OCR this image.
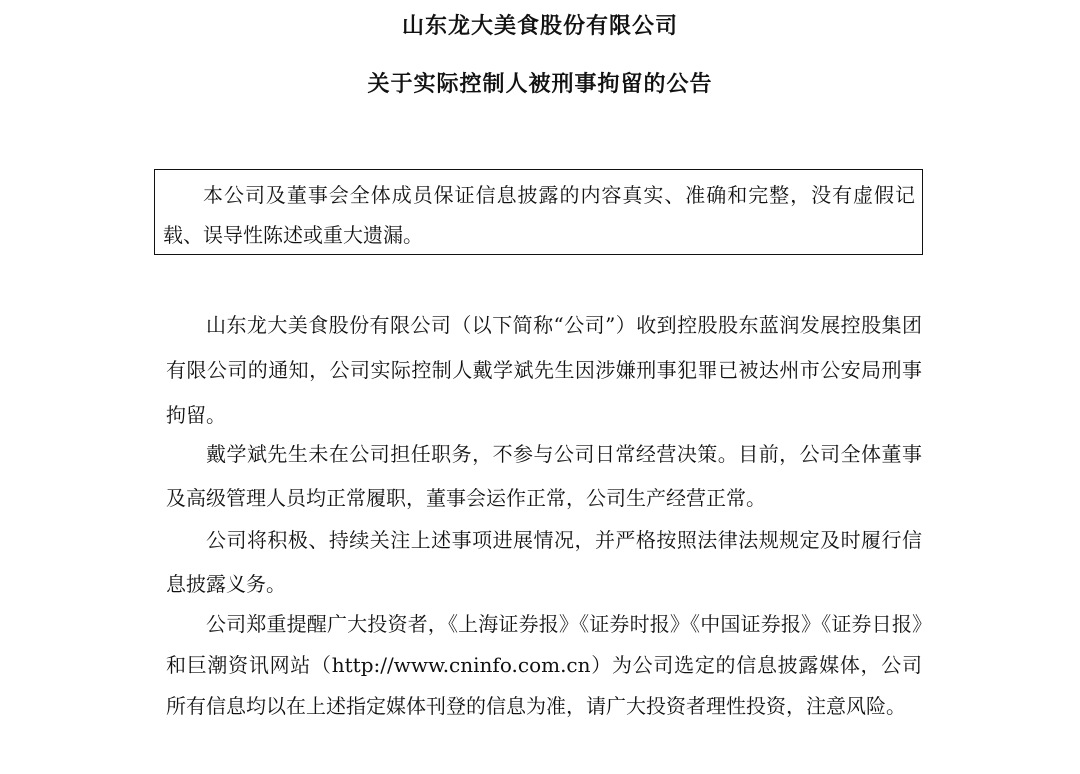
山东龙大美食股份有限公司
关于实际控制人被刑事拘留的公告

本公司及董事会全体成员保证信息披露的内容真实、准确和完整，没有虚假记载、误导性陈述或重大遗漏。

山东龙大美食股份有限公司（以下简称“公司”）收到控股股东蓝润发展控股集团有限公司的通知，公司实际控制人戴学斌先生因涉嫌刑事犯罪已被达州市公安局刑事拘留。

戴学斌先生未在公司担任职务，不参与公司日常经营决策。目前，公司全体董事及高级管理人员均正常履职，董事会运作正常，公司生产经营正常。

公司将积极、持续关注上述事项进展情况，并严格按照法律法规规定及时履行信息披露义务。

公司郑重提醒广大投资者，《上海证券报》《证券时报》《中国证券报》《证券日报》和巨潮资讯网站（http://www.cninfo.com.cn）为公司选定的信息披露媒体，公司所有信息均以在上述指定媒体刊登的信息为准，请广大投资者理性投资，注意风险。
